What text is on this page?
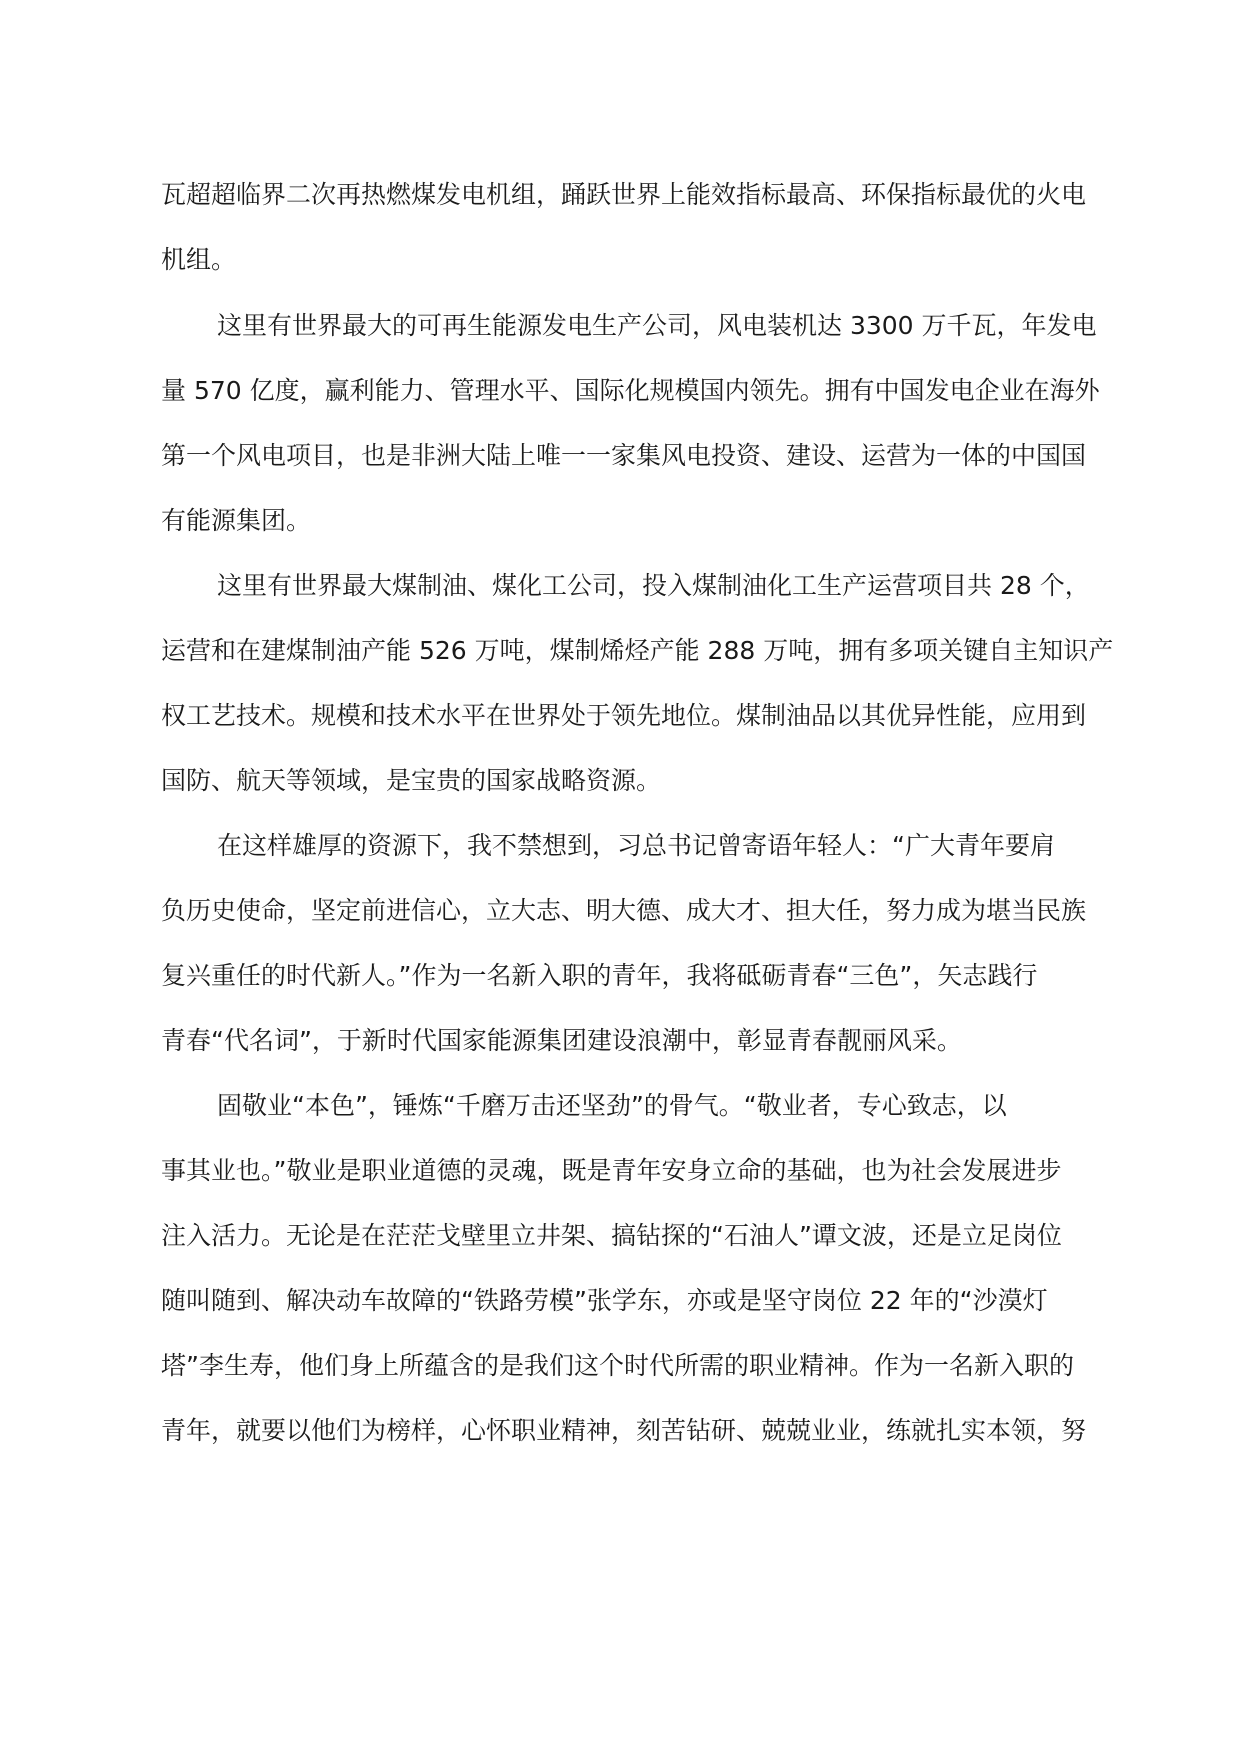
瓦超超临界二次再热燃煤发电机组，踊跃世界上能效指标最高、环保指标最优的火电
机组。
这里有世界最大的可再生能源发电生产公司，风电装机达 3300 万千瓦，年发电
量 570 亿度，赢利能力、管理水平、国际化规模国内领先。拥有中国发电企业在海外
第一个风电项目，也是非洲大陆上唯一一家集风电投资、建设、运营为一体的中国国
有能源集团。
这里有世界最大煤制油、煤化工公司，投入煤制油化工生产运营项目共 28 个，
运营和在建煤制油产能 526 万吨，煤制烯烃产能 288 万吨，拥有多项关键自主知识产
权工艺技术。规模和技术水平在世界处于领先地位。煤制油品以其优异性能，应用到
国防、航天等领域，是宝贵的国家战略资源。
在这样雄厚的资源下，我不禁想到，习总书记曾寄语年轻人：“广大青年要肩
负历史使命，坚定前进信心，立大志、明大德、成大才、担大任，努力成为堪当民族
复兴重任的时代新人。”作为一名新入职的青年，我将砥砺青春“三色”，矢志践行
青春“代名词”，于新时代国家能源集团建设浪潮中，彰显青春靓丽风采。
固敬业“本色”，锤炼“千磨万击还坚劲”的骨气。“敬业者，专心致志，以
事其业也。”敬业是职业道德的灵魂，既是青年安身立命的基础，也为社会发展进步
注入活力。无论是在茫茫戈壁里立井架、搞钻探的“石油人”谭文波，还是立足岗位
随叫随到、解决动车故障的“铁路劳模”张学东，亦或是坚守岗位 22 年的“沙漠灯
塔”李生寿，他们身上所蕴含的是我们这个时代所需的职业精神。作为一名新入职的
青年，就要以他们为榜样，心怀职业精神，刻苦钻研、兢兢业业，练就扎实本领，努
